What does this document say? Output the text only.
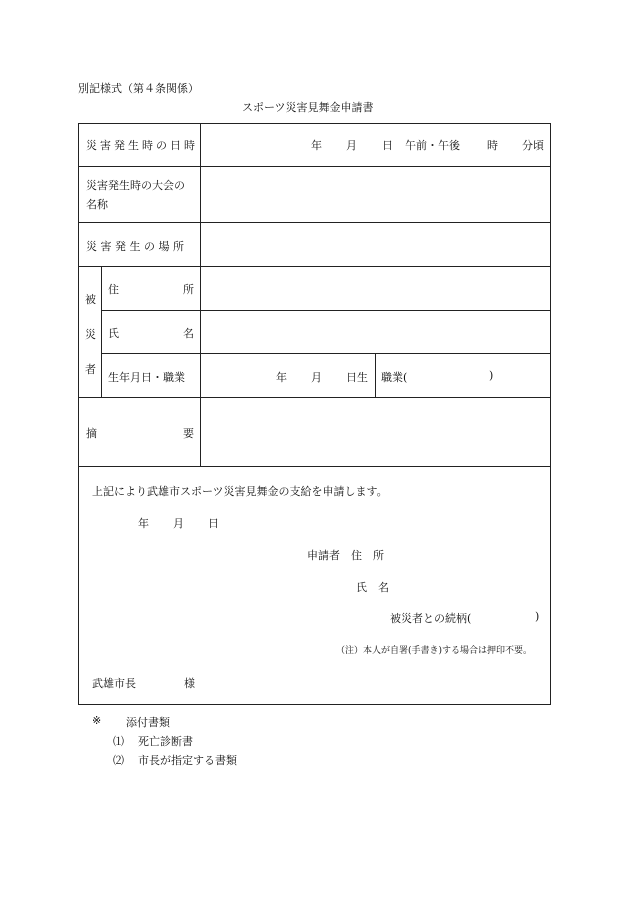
別記様式（第４条関係）
スポーツ災害見舞金申請書
災害発生時の日時	年 月 日 午前・午後 時 分頃
災害発生時の大会の
名称
災 害 発 生 の 場 所
被
災
者
住	所
氏	名
生年月日・職業	年 月 日生 職業(	)
摘	要
上記により武雄市スポーツ災害見舞金の支給を申請します。
年 月 日
申請者　住　所
氏　名
被災者との続柄(	)
（注）本人が自署(手書き)する場合は押印不要。
武雄市長	様
※ 添付書類
⑴ 死亡診断書
⑵ 市長が指定する書類
